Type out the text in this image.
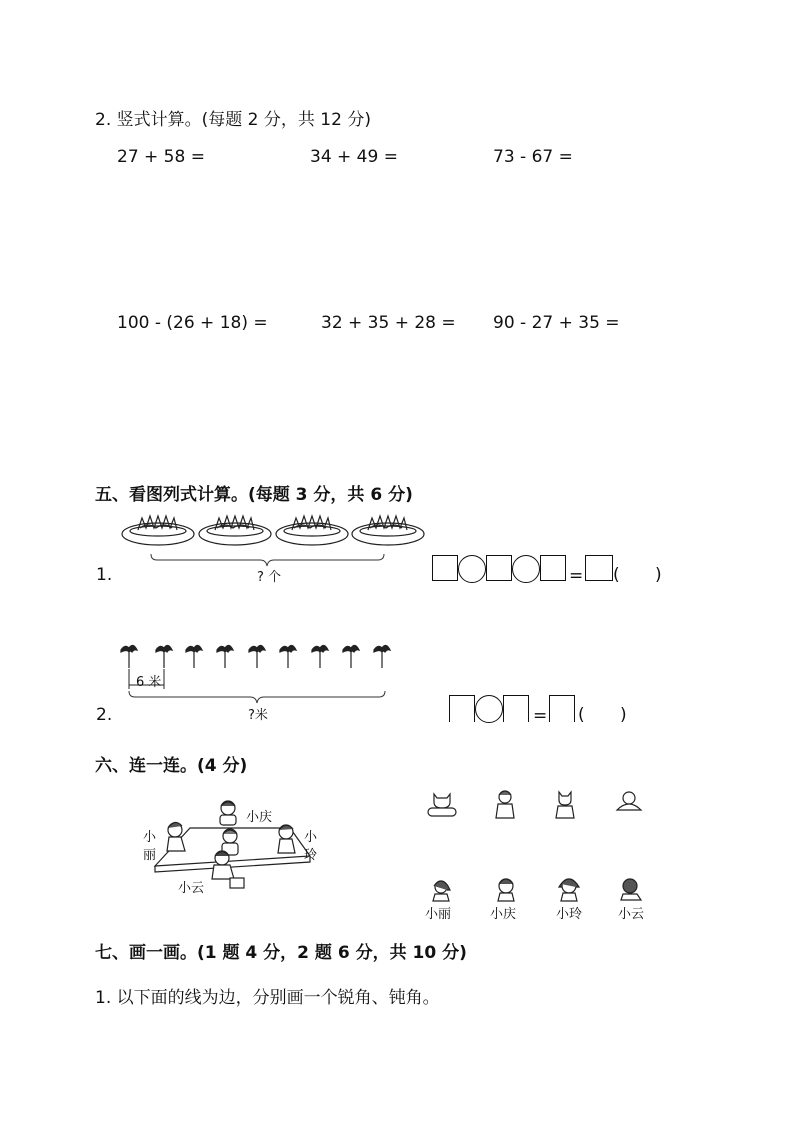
2. 竖式计算。(每题 2 分，共 12 分)
27 + 58 =	34 + 49 =	73 - 67 =
100 - (26 + 18) =	32 + 35 + 28 = 90 - 27 + 35 =
五、看图列式计算。(每题 3 分，共 6 分)
1.	? 个	= ( )
2.
6 米
?米	= ( )
六、连一连。(4 分)
小庆
小
丽
小
玲
小云
小丽	小庆	小玲	小云
七、画一画。(1 题 4 分，2 题 6 分，共 10 分)
1. 以下面的线为边，分别画一个锐角、钝角。
